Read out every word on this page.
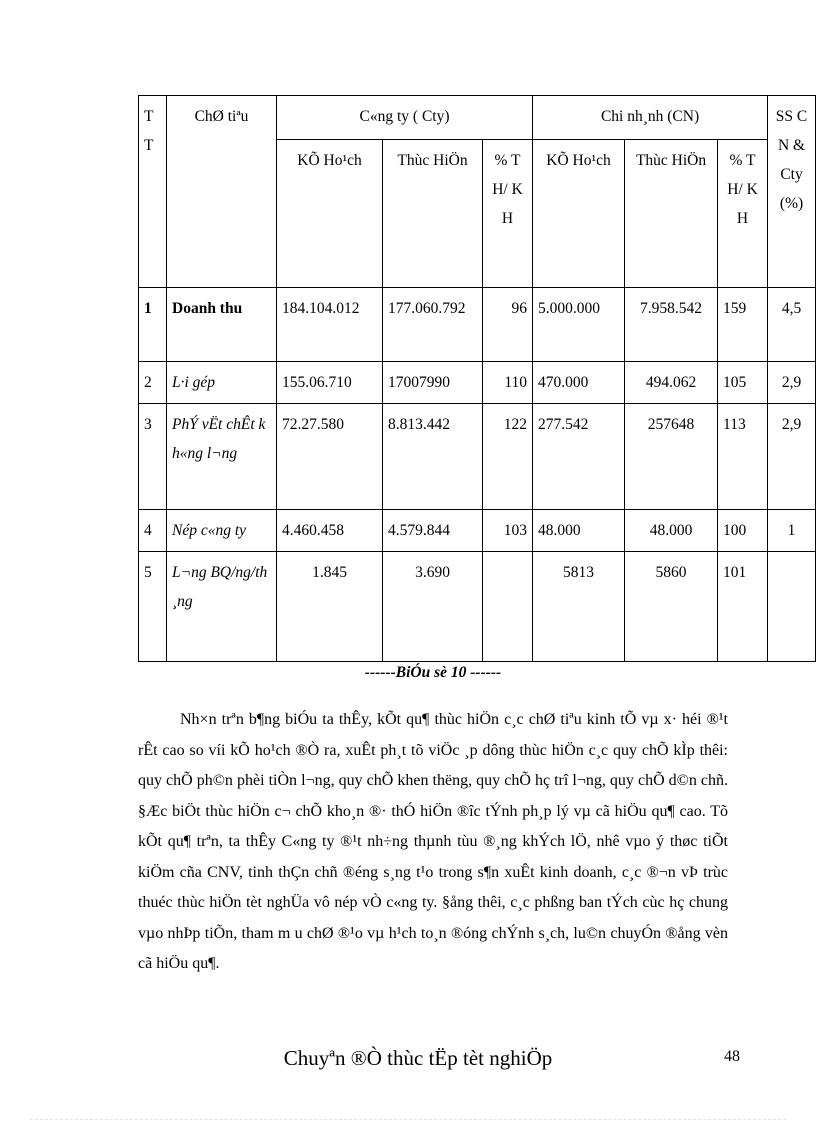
T T	ChØ tiªu	C«ng ty ( Cty)			Chi nh¸nh (CN)			SS CN & Cty (%)
		KÕ Ho¹ch	Thùc HiÖn	% TH/ KH	KÕ Ho¹ch	Thùc HiÖn	% TH/ KH	
1	Doanh thu	184.104.012	177.060.792	96	5.000.000	7.958.542	159	4,5
2	L·i gép	155.06.710	17007990	110	470.000	494.062	105	2,9
3	PhÝ vËt chÊt kh«ng l¬ng	72.27.580	8.813.442	122	277.542	257648	113	2,9
4	Nép c«ng ty	4.460.458	4.579.844	103	48.000	48.000	100	1
5	L¬ng BQ/ng/th¸ng	1.845	3.690		5813	5860	101	
------BiÓu sè 10 ------

Nh×n trªn b¶ng biÓu ta thÊy, kÕt qu¶ thùc hiÖn c¸c chØ tiªu kinh tÕ vµ x· héi ®¹t rÊt cao so víi kÕ ho¹ch ®Ò ra, xuÊt ph¸t tõ viÖc ¸p dông thùc hiÖn c¸c quy chÕ kÌp thêi: quy chÕ ph©n phèi tiÒn l¬ng, quy chÕ khen thëng, quy chÕ hç trî l¬ng, quy chÕ d©n chñ. §Æc biÖt thùc hiÖn c¬ chÕ kho¸n ®· thÓ hiÖn ®îc tÝnh ph¸p lý vµ cã hiÖu qu¶ cao. Tõ kÕt qu¶ trªn, ta thÊy C«ng ty ®¹t nh÷ng thµnh tùu ®¸ng khÝch lÖ, nhê vµo ý thøc tiÕt kiÖm cña CNV, tinh thÇn chñ ®éng s¸ng t¹o trong s¶n xuÊt kinh doanh, c¸c ®¬n vÞ trùc thuéc thùc hiÖn tèt nghÜa vô nép vÒ c«ng ty. §ång thêi, c¸c phßng ban tÝch cùc hç chung vµo nhÞp tiÕn, tham m u chØ ®¹o vµ h¹ch to¸n ®óng chÝnh s¸ch, lu©n chuyÓn ®ång vèn cã hiÖu qu¶.

Chuyªn ®Ò thùc tËp tèt nghiÖp	48
